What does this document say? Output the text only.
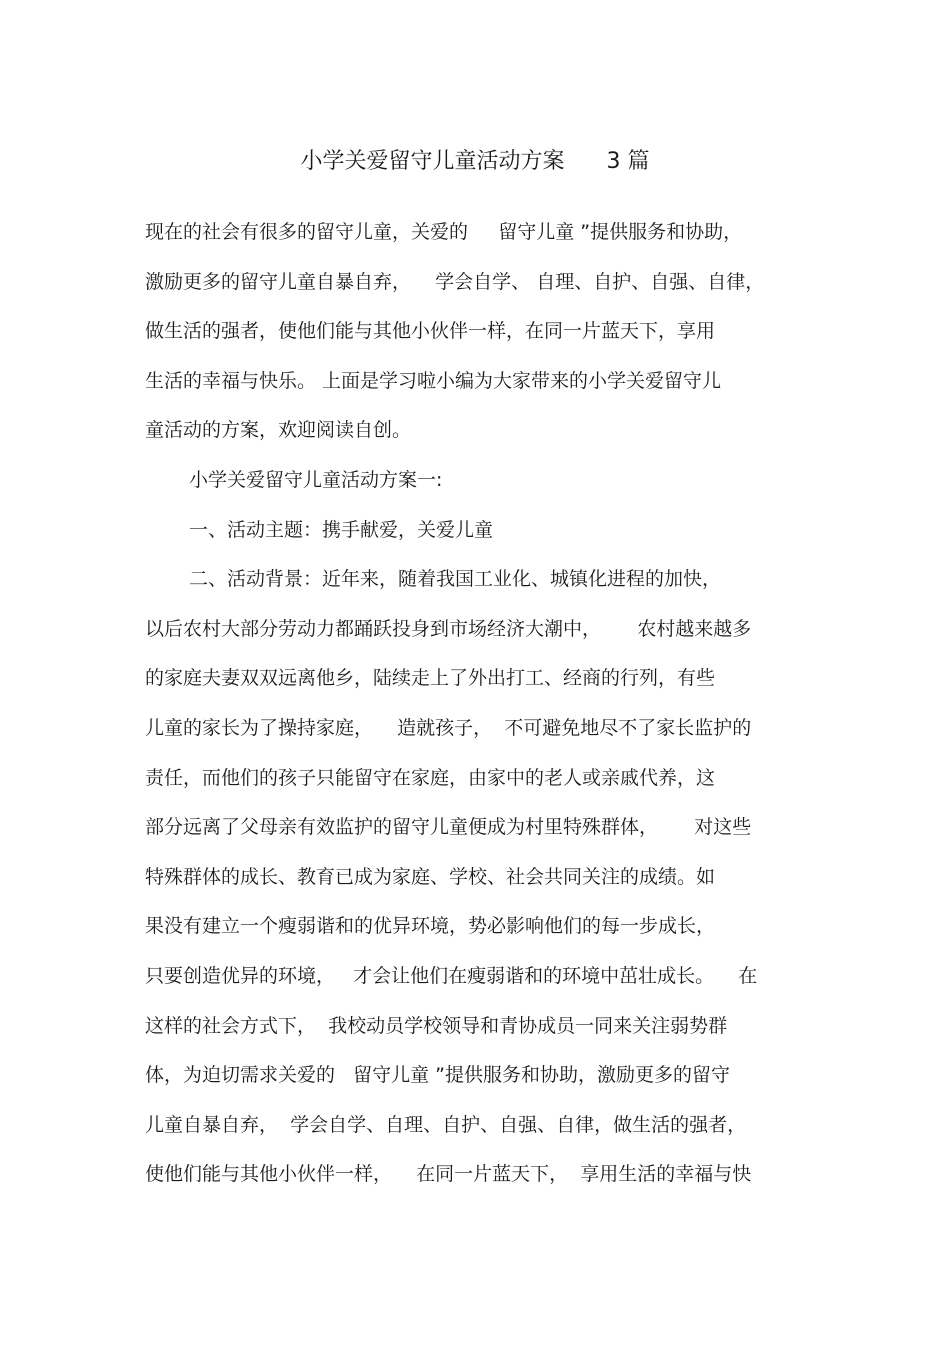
小学关爱留守儿童活动方案      3 篇
现在的社会有很多的留守儿童，关爱的     留守儿童 ”提供服务和协助，
激励更多的留守儿童自暴自弃，    学会自学、 自理、自护、自强、自律，
做生活的强者，使他们能与其他小伙伴一样，在同一片蓝天下，享用
生活的幸福与快乐。 上面是学习啦小编为大家带来的小学关爱留守儿
童活动的方案，欢迎阅读自创。
小学关爱留守儿童活动方案一:
一、活动主题：携手献爱，关爱儿童
二、活动背景：近年来，随着我国工业化、城镇化进程的加快，
以后农村大部分劳动力都踊跃投身到市场经济大潮中，      农村越来越多
的家庭夫妻双双远离他乡，陆续走上了外出打工、经商的行列，有些
儿童的家长为了操持家庭，    造就孩子，  不可避免地尽不了家长监护的
责任，而他们的孩子只能留守在家庭，由家中的老人或亲戚代养，这
部分远离了父母亲有效监护的留守儿童便成为村里特殊群体，      对这些
特殊群体的成长、教育已成为家庭、学校、社会共同关注的成绩。如
果没有建立一个瘦弱谐和的优异环境，势必影响他们的每一步成长，
只要创造优异的环境，   才会让他们在瘦弱谐和的环境中茁壮成长。    在
这样的社会方式下，  我校动员学校领导和青协成员一同来关注弱势群
体，为迫切需求关爱的   留守儿童 ”提供服务和协助，激励更多的留守
儿童自暴自弃，  学会自学、自理、自护、自强、自律，做生活的强者，
使他们能与其他小伙伴一样，    在同一片蓝天下，  享用生活的幸福与快
